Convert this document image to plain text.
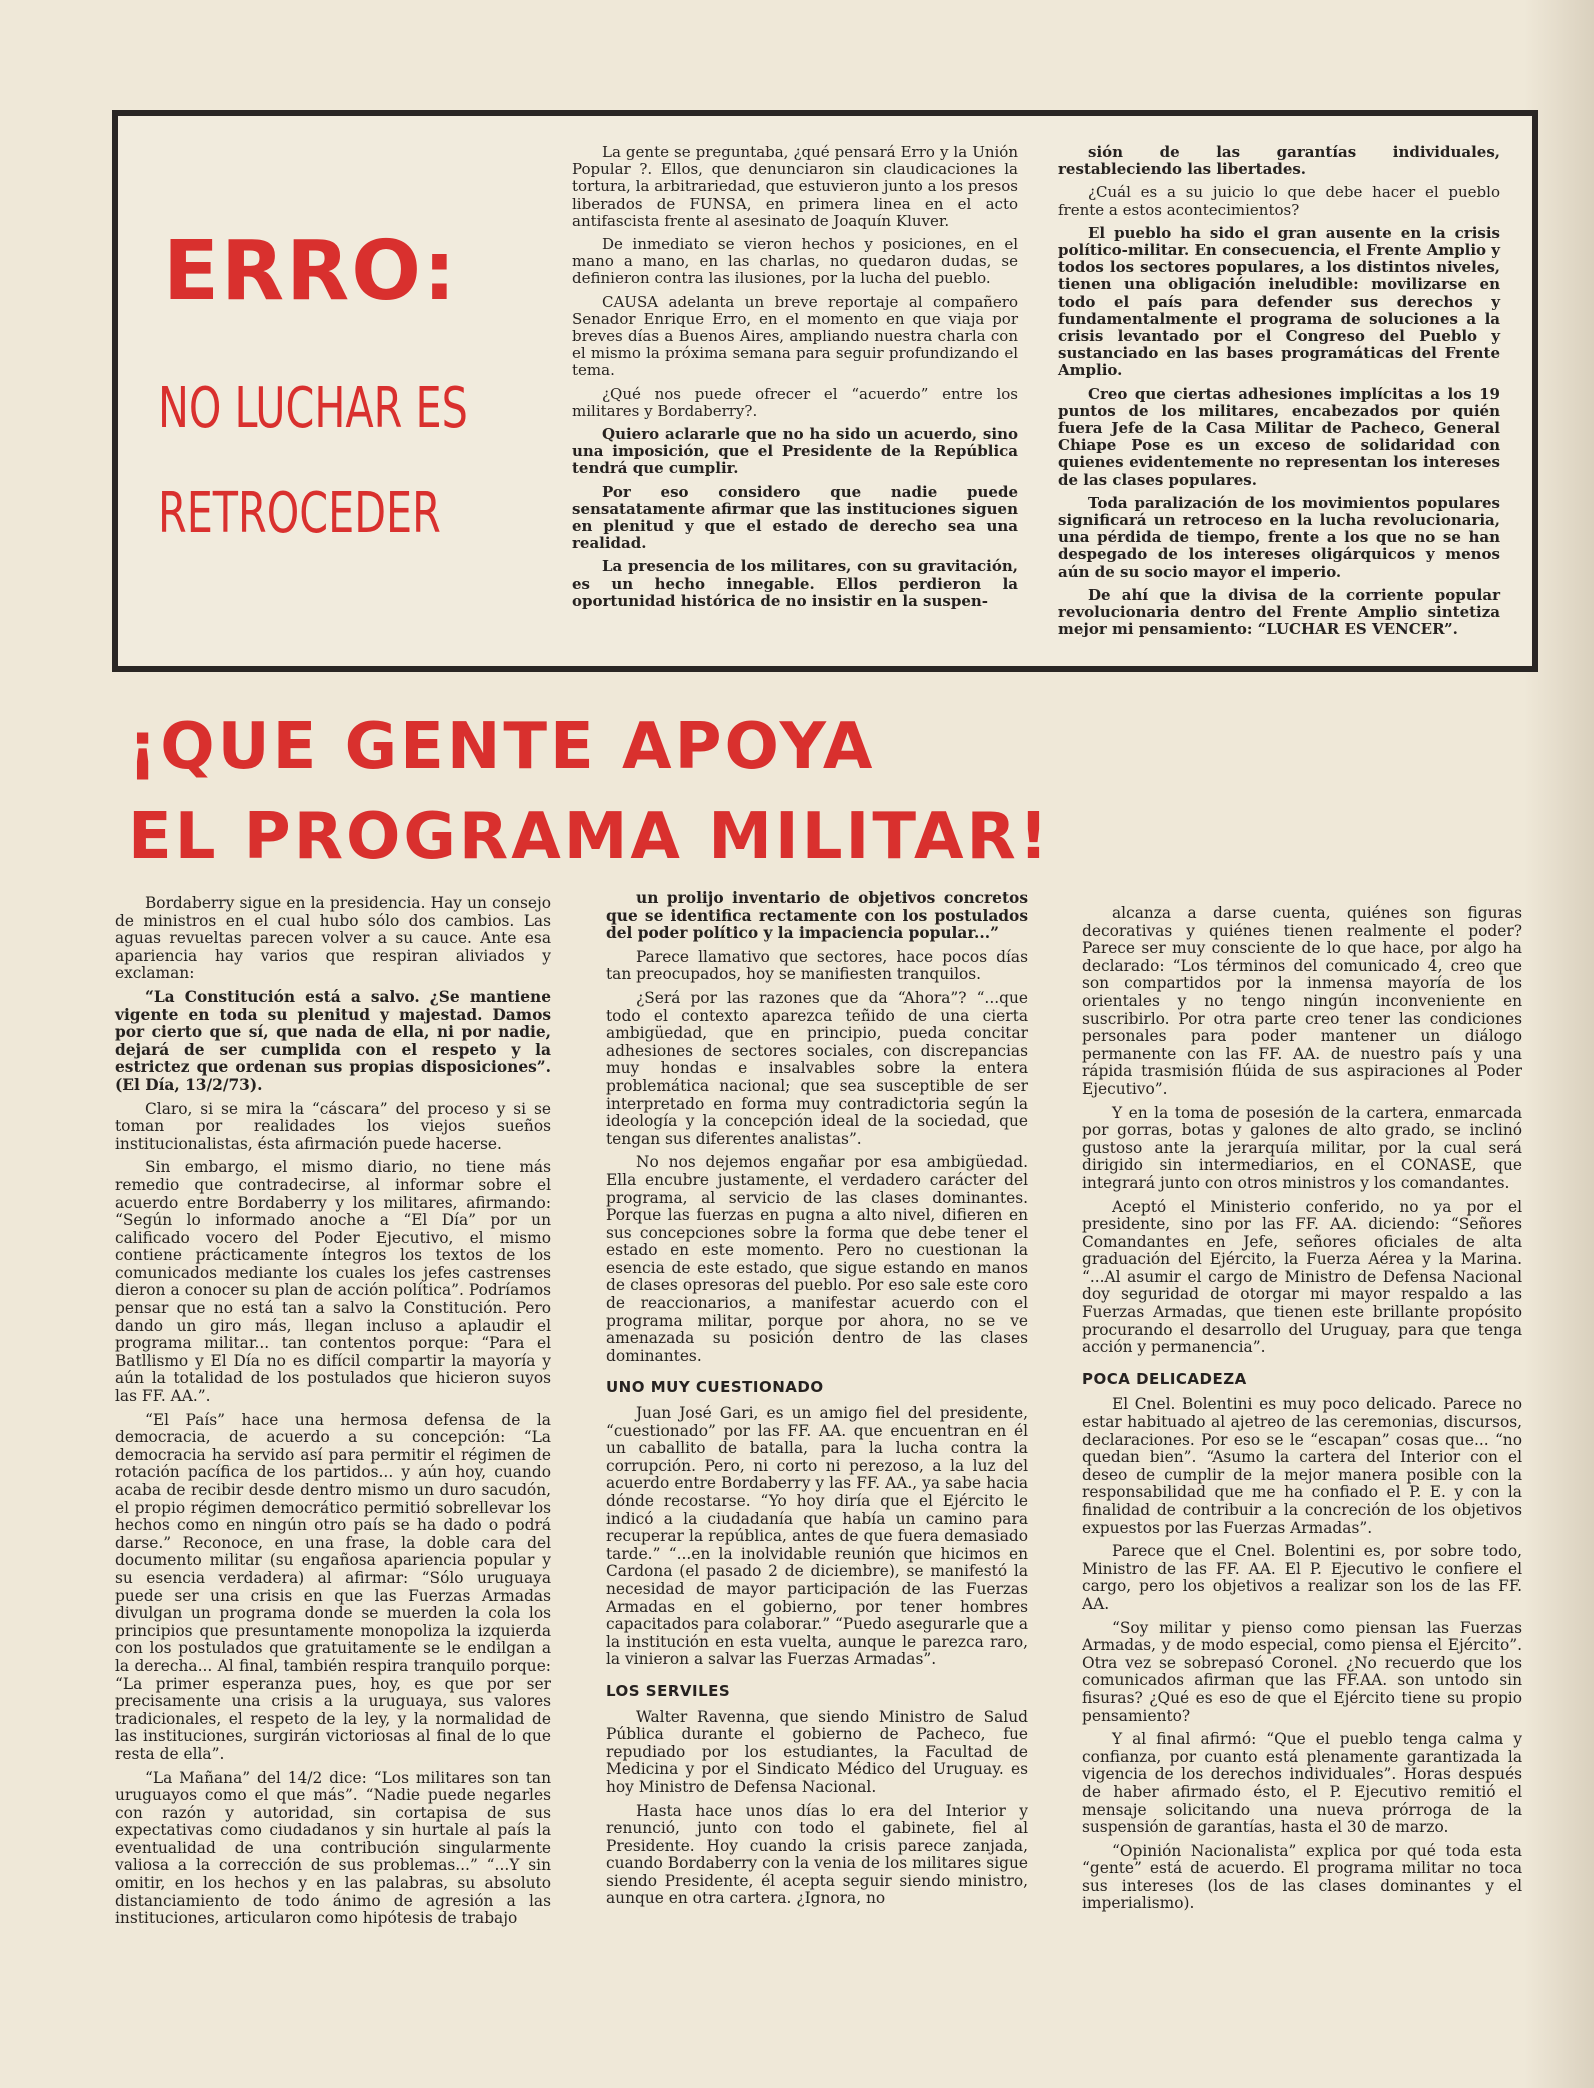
ERRO:
NO LUCHAR ES
RETROCEDER

La gente se preguntaba, ¿qué pensará Erro y la Unión Popular ?. Ellos, que denunciaron sin claudicaciones la tortura, la arbitrariedad, que estuvieron junto a los presos liberados de FUNSA, en primera linea en el acto antifascista frente al asesinato de Joaquín Kluver.

De inmediato se vieron hechos y posiciones, en el mano a mano, en las charlas, no quedaron dudas, se definieron contra las ilusiones, por la lucha del pueblo.

CAUSA adelanta un breve reportaje al compañero Senador Enrique Erro, en el momento en que viaja por breves días a Buenos Aires, ampliando nuestra charla con el mismo la próxima semana para seguir profundizando el tema.

¿Qué nos puede ofrecer el “acuerdo” entre los militares y Bordaberry?.

Quiero aclararle que no ha sido un acuerdo, sino una imposición, que el Presidente de la República tendrá que cumplir.

Por eso considero que nadie puede sensatatamente afirmar que las instituciones siguen en plenitud y que el estado de derecho sea una realidad.

La presencia de los militares, con su gravitación, es un hecho innegable. Ellos perdieron la oportunidad histórica de no insistir en la suspen-

sión de las garantías individuales, restableciendo las libertades.

¿Cuál es a su juicio lo que debe hacer el pueblo frente a estos acontecimientos?

El pueblo ha sido el gran ausente en la crisis político-militar. En consecuencia, el Frente Amplio y todos los sectores populares, a los distintos niveles, tienen una obligación ineludible: movilizarse en todo el país para defender sus derechos y fundamentalmente el programa de soluciones a la crisis levantado por el Congreso del Pueblo y sustanciado en las bases programáticas del Frente Amplio.

Creo que ciertas adhesiones implícitas a los 19 puntos de los militares, encabezados por quién fuera Jefe de la Casa Militar de Pacheco, General Chiape Pose es un exceso de solidaridad con quienes evidentemente no representan los intereses de las clases populares.

Toda paralización de los movimientos populares significará un retroceso en la lucha revolucionaria, una pérdida de tiempo, frente a los que no se han despegado de los intereses oligárquicos y menos aún de su socio mayor el imperio.

De ahí que la divisa de la corriente popular revolucionaria dentro del Frente Amplio sintetiza mejor mi pensamiento: “LUCHAR ES VENCER”.

¡QUE GENTE APOYA
EL PROGRAMA MILITAR!

Bordaberry sigue en la presidencia. Hay un consejo de ministros en el cual hubo sólo dos cambios. Las aguas revueltas parecen volver a su cauce. Ante esa apariencia hay varios que respiran aliviados y exclaman:

“La Constitución está a salvo. ¿Se mantiene vigente en toda su plenitud y majestad. Damos por cierto que sí, que nada de ella, ni por nadie, dejará de ser cumplida con el respeto y la estrictez que ordenan sus propias disposiciones”. (El Día, 13/2/73).

Claro, si se mira la “cáscara” del proceso y si se toman por realidades los viejos sueños institucionalistas, ésta afirmación puede hacerse.

Sin embargo, el mismo diario, no tiene más remedio que contradecirse, al informar sobre el acuerdo entre Bordaberry y los militares, afirmando: “Según lo informado anoche a “El Día” por un calificado vocero del Poder Ejecutivo, el mismo contiene prácticamente íntegros los textos de los comunicados mediante los cuales los jefes castrenses dieron a conocer su plan de acción política”. Podríamos pensar que no está tan a salvo la Constitución. Pero dando un giro más, llegan incluso a aplaudir el programa militar... tan contentos porque: “Para el Batllismo y El Día no es difícil compartir la mayoría y aún la totalidad de los postulados que hicieron suyos las FF. AA.”.

“El País” hace una hermosa defensa de la democracia, de acuerdo a su concepción: “La democracia ha servido así para permitir el régimen de rotación pacífica de los partidos... y aún hoy, cuando acaba de recibir desde dentro mismo un duro sacudón, el propio régimen democrático permitió sobrellevar los hechos como en ningún otro país se ha dado o podrá darse.” Reconoce, en una frase, la doble cara del documento militar (su engañosa apariencia popular y su esencia verdadera) al afirmar: “Sólo uruguaya puede ser una crisis en que las Fuerzas Armadas divulgan un programa donde se muerden la cola los principios que presuntamente monopoliza la izquierda con los postulados que gratuitamente se le endilgan a la derecha... Al final, también respira tranquilo porque: “La primer esperanza pues, hoy, es que por ser precisamente una crisis a la uruguaya, sus valores tradicionales, el respeto de la ley, y la normalidad de las instituciones, surgirán victoriosas al final de lo que resta de ella”.

“La Mañana” del 14/2 dice: “Los militares son tan uruguayos como el que más”. “Nadie puede negarles con razón y autoridad, sin cortapisa de sus expectativas como ciudadanos y sin hurtale al país la eventualidad de una contribución singularmente valiosa a la corrección de sus problemas...” “...Y sin omitir, en los hechos y en las palabras, su absoluto distanciamiento de todo ánimo de agresión a las instituciones, articularon como hipótesis de trabajo

un prolijo inventario de objetivos concretos que se identifica rectamente con los postulados del poder político y la impaciencia popular...”

Parece llamativo que sectores, hace pocos días tan preocupados, hoy se manifiesten tranquilos.

¿Será por las razones que da “Ahora”? “...que todo el contexto aparezca teñido de una cierta ambigüedad, que en principio, pueda concitar adhesiones de sectores sociales, con discrepancias muy hondas e insalvables sobre la entera problemática nacional; que sea susceptible de ser interpretado en forma muy contradictoria según la ideología y la concepción ideal de la sociedad, que tengan sus diferentes analistas”.

No nos dejemos engañar por esa ambigüedad. Ella encubre justamente, el verdadero carácter del programa, al servicio de las clases dominantes. Porque las fuerzas en pugna a alto nivel, difieren en sus concepciones sobre la forma que debe tener el estado en este momento. Pero no cuestionan la esencia de este estado, que sigue estando en manos de clases opresoras del pueblo. Por eso sale este coro de reaccionarios, a manifestar acuerdo con el programa militar, porque por ahora, no se ve amenazada su posición dentro de las clases dominantes.

UNO MUY CUESTIONADO

Juan José Gari, es un amigo fiel del presidente, “cuestionado” por las FF. AA. que encuentran en él un caballito de batalla, para la lucha contra la corrupción. Pero, ni corto ni perezoso, a la luz del acuerdo entre Bordaberry y las FF. AA., ya sabe hacia dónde recostarse. “Yo hoy diría que el Ejército le indicó a la ciudadanía que había un camino para recuperar la república, antes de que fuera demasiado tarde.” “...en la inolvidable reunión que hicimos en Cardona (el pasado 2 de diciembre), se manifestó la necesidad de mayor participación de las Fuerzas Armadas en el gobierno, por tener hombres capacitados para colaborar.” “Puedo asegurarle que a la institución en esta vuelta, aunque le parezca raro, la vinieron a salvar las Fuerzas Armadas”.

LOS SERVILES

Walter Ravenna, que siendo Ministro de Salud Pública durante el gobierno de Pacheco, fue repudiado por los estudiantes, la Facultad de Medicina y por el Sindicato Médico del Uruguay. es hoy Ministro de Defensa Nacional.

Hasta hace unos días lo era del Interior y renunció, junto con todo el gabinete, fiel al Presidente. Hoy cuando la crisis parece zanjada, cuando Bordaberry con la venia de los militares sigue siendo Presidente, él acepta seguir siendo ministro, aunque en otra cartera. ¿Ignora, no

alcanza a darse cuenta, quiénes son figuras decorativas y quiénes tienen realmente el poder? Parece ser muy consciente de lo que hace, por algo ha declarado: “Los términos del comunicado 4, creo que son compartidos por la inmensa mayoría de los orientales y no tengo ningún inconveniente en suscribirlo. Por otra parte creo tener las condiciones personales para poder mantener un diálogo permanente con las FF. AA. de nuestro país y una rápida trasmisión flúida de sus aspiraciones al Poder Ejecutivo”.

Y en la toma de posesión de la cartera, enmarcada por gorras, botas y galones de alto grado, se inclinó gustoso ante la jerarquía militar, por la cual será dirigido sin intermediarios, en el CONASE, que integrará junto con otros ministros y los comandantes.

Aceptó el Ministerio conferido, no ya por el presidente, sino por las FF. AA. diciendo: “Señores Comandantes en Jefe, señores oficiales de alta graduación del Ejército, la Fuerza Aérea y la Marina. “...Al asumir el cargo de Ministro de Defensa Nacional doy seguridad de otorgar mi mayor respaldo a las Fuerzas Armadas, que tienen este brillante propósito procurando el desarrollo del Uruguay, para que tenga acción y permanencia”.

POCA DELICADEZA

El Cnel. Bolentini es muy poco delicado. Parece no estar habituado al ajetreo de las ceremonias, discursos, declaraciones. Por eso se le “escapan” cosas que... “no quedan bien”. “Asumo la cartera del Interior con el deseo de cumplir de la mejor manera posible con la responsabilidad que me ha confiado el P. E. y con la finalidad de contribuir a la concreción de los objetivos expuestos por las Fuerzas Armadas”.

Parece que el Cnel. Bolentini es, por sobre todo, Ministro de las FF. AA. El P. Ejecutivo le confiere el cargo, pero los objetivos a realizar son los de las FF. AA.

“Soy militar y pienso como piensan las Fuerzas Armadas, y de modo especial, como piensa el Ejército”. Otra vez se sobrepasó Coronel. ¿No recuerdo que los comunicados afirman que las FF.AA. son untodo sin fisuras? ¿Qué es eso de que el Ejército tiene su propio pensamiento?

Y al final afirmó: “Que el pueblo tenga calma y confianza, por cuanto está plenamente garantizada la vigencia de los derechos individuales”. Horas después de haber afirmado ésto, el P. Ejecutivo remitió el mensaje solicitando una nueva prórroga de la suspensión de garantías, hasta el 30 de marzo.

“Opinión Nacionalista” explica por qué toda esta “gente” está de acuerdo. El programa militar no toca sus intereses (los de las clases dominantes y el imperialismo).
